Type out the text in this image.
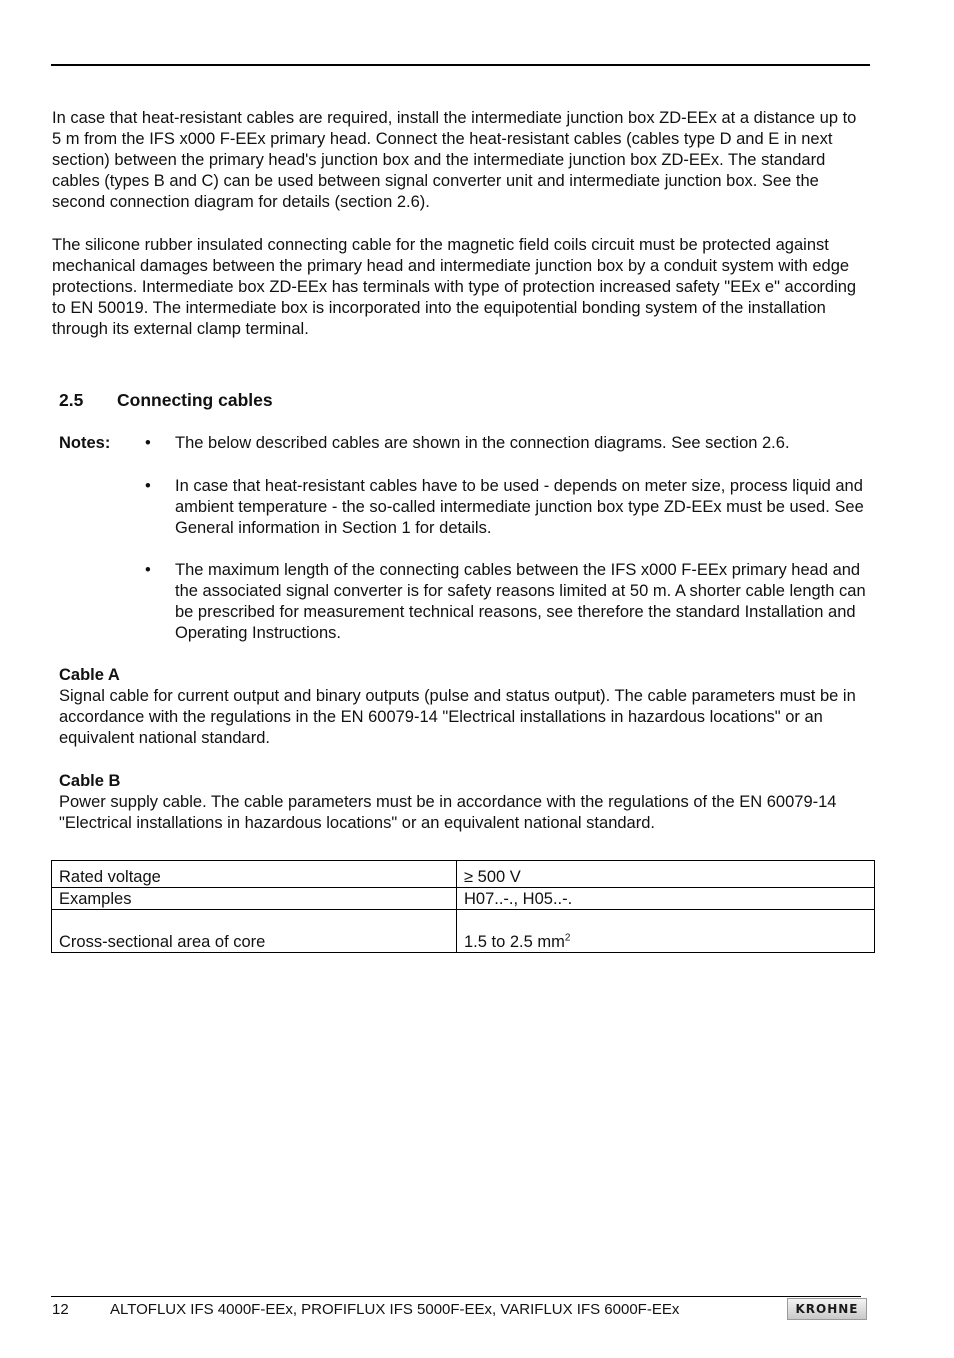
In case that heat-resistant cables are required, install the intermediate junction box ZD-EEx at a distance up to 5 m from the IFS x000 F-EEx primary head. Connect the heat-resistant cables (cables type D and E in next section) between the primary head's junction box and the intermediate junction box ZD-EEx. The standard cables (types B and C) can be used between signal converter unit and intermediate junction box. See the second connection diagram for details (section 2.6).

The silicone rubber insulated connecting cable for the magnetic field coils circuit must be protected against mechanical damages between the primary head and intermediate junction box by a conduit system with edge protections. Intermediate box ZD-EEx has terminals with type of protection increased safety "EEx e" according to EN 50019. The intermediate box is incorporated into the equipotential bonding system of the installation through its external clamp terminal.

2.5 Connecting cables
Notes: • The below described cables are shown in the connection diagrams. See section 2.6.
• In case that heat-resistant cables have to be used - depends on meter size, process liquid and ambient temperature - the so-called intermediate junction box type ZD-EEx must be used. See General information in Section 1 for details.
• The maximum length of the connecting cables between the IFS x000 F-EEx primary head and the associated signal converter is for safety reasons limited at 50 m. A shorter cable length can be prescribed for measurement technical reasons, see therefore the standard Installation and Operating Instructions.
Cable A

Signal cable for current output and binary outputs (pulse and status output). The cable parameters must be in accordance with the regulations in the EN 60079-14 "Electrical installations in hazardous locations" or an equivalent national standard.

Cable B

Power supply cable. The cable parameters must be in accordance with the regulations of the EN 60079-14 "Electrical installations in hazardous locations" or an equivalent national standard.

Rated voltage	≥ 500 V
Examples	H07..-., H05..-.
Cross-sectional area of core	1.5 to 2.5 $mm^2$
12	ALTOFLUX IFS 4000F-EEx, PROFIFLUX IFS 5000F-EEx, VARIFLUX IFS 6000F-EEx	KROHNE
